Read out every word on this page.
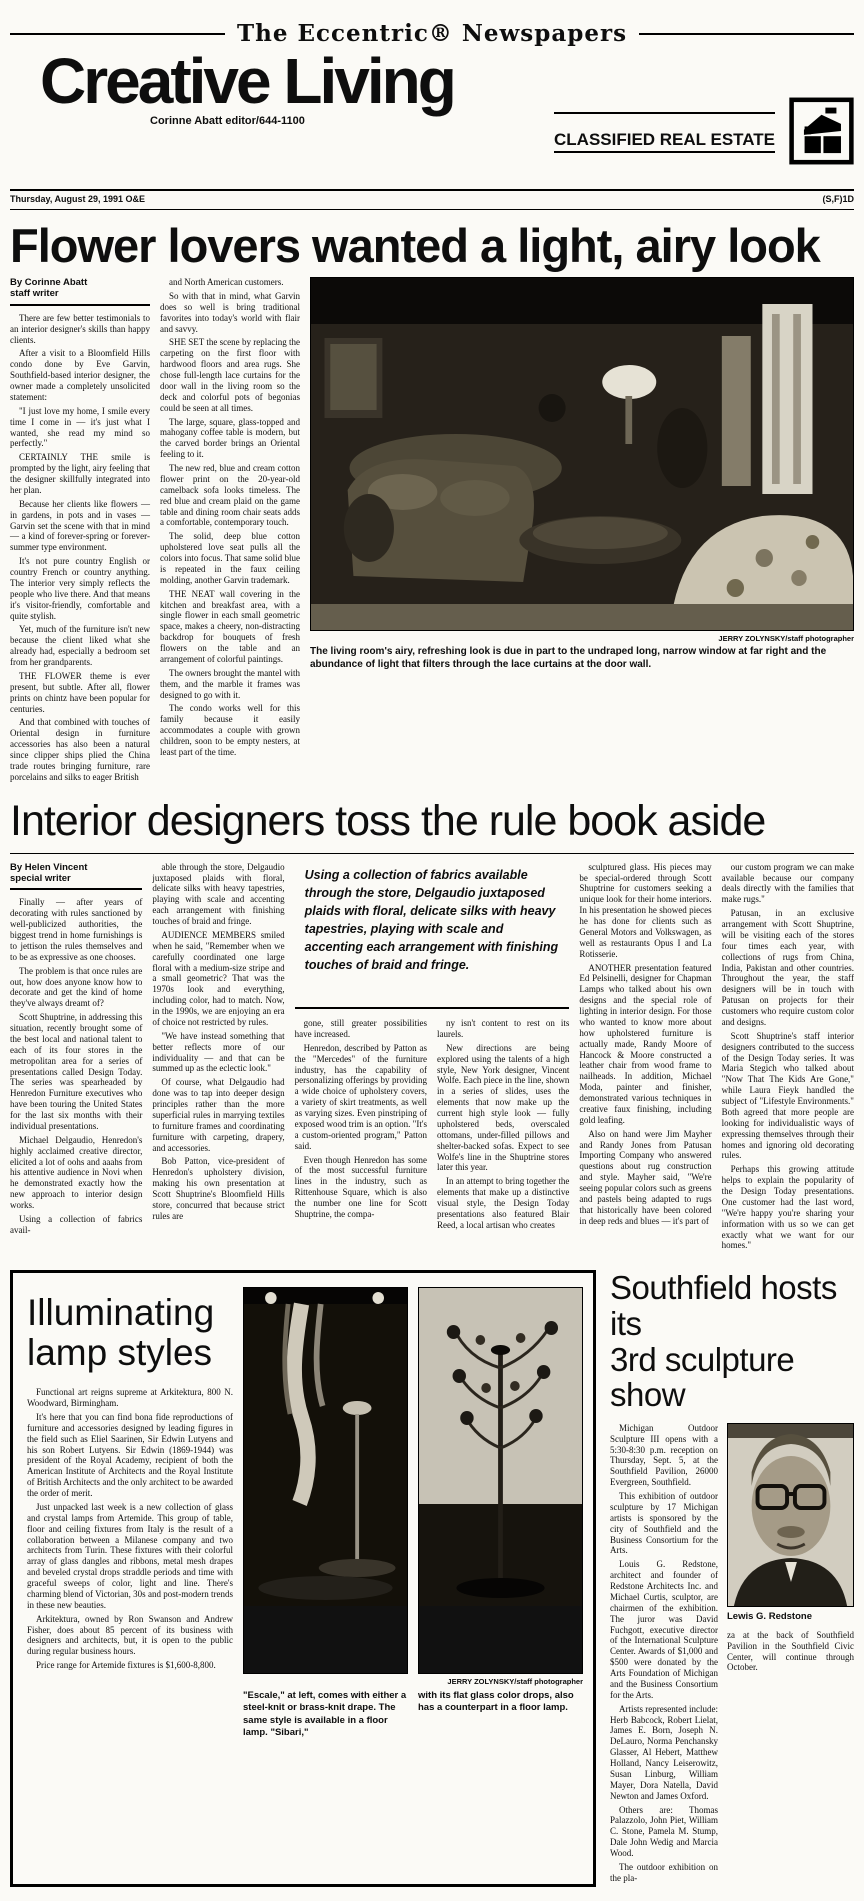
The Eccentric® Newspapers
Creative Living
Corinne Abatt editor/644-1100
CLASSIFIED REAL ESTATE
Thursday, August 29, 1991 O&E	(S,F)1D
Flower lovers wanted a light, airy look
By Corinne Abatt
staff writer

There are few better testimonials to an interior designer's skills than happy clients.

After a visit to a Bloomfield Hills condo done by Eve Garvin, Southfield-based interior designer, the owner made a completely unsolicited statement:

"I just love my home, I smile every time I come in — it's just what I wanted, she read my mind so perfectly."

CERTAINLY THE smile is prompted by the light, airy feeling that the designer skillfully integrated into her plan.

Because her clients like flowers — in gardens, in pots and in vases — Garvin set the scene with that in mind — a kind of forever-spring or forever-summer type environment.

It's not pure country English or country French or country anything. The interior very simply reflects the people who live there. And that means it's visitor-friendly, comfortable and quite stylish.

Yet, much of the furniture isn't new because the client liked what she already had, especially a bedroom set from her grandparents.

THE FLOWER theme is ever present, but subtle. After all, flower prints on chintz have been popular for centuries.

And that combined with touches of Oriental design in furniture accessories has also been a natural since clipper ships plied the China trade routes bringing furniture, rare porcelains and silks to eager British

and North American customers.

So with that in mind, what Garvin does so well is bring traditional favorites into today's world with flair and savvy.

SHE SET the scene by replacing the carpeting on the first floor with hardwood floors and area rugs. She chose full-length lace curtains for the door wall in the living room so the deck and colorful pots of begonias could be seen at all times.

The large, square, glass-topped and mahogany coffee table is modern, but the carved border brings an Oriental feeling to it.

The new red, blue and cream cotton flower print on the 20-year-old camelback sofa looks timeless. The red blue and cream plaid on the game table and dining room chair seats adds a comfortable, contemporary touch.

The solid, deep blue cotton upholstered love seat pulls all the colors into focus. That same solid blue is repeated in the faux ceiling molding, another Garvin trademark.

THE NEAT wall covering in the kitchen and breakfast area, with a single flower in each small geometric space, makes a cheery, non-distracting backdrop for bouquets of fresh flowers on the table and an arrangement of colorful paintings.

The owners brought the mantel with them, and the marble it frames was designed to go with it.

The condo works well for this family because it easily accommodates a couple with grown children, soon to be empty nesters, at least part of the time.

JERRY ZOLYNSKY/staff photographer
The living room's airy, refreshing look is due in part to the undraped long, narrow window at far right and the abundance of light that filters through the lace curtains at the door wall.
Interior designers toss the rule book aside
By Helen Vincent
special writer

Finally — after years of decorating with rules sanctioned by well-publicized authorities, the biggest trend in home furnishings is to jettison the rules themselves and to be as expressive as one chooses.

The problem is that once rules are out, how does anyone know how to decorate and get the kind of home they've always dreamt of?

Scott Shuptrine, in addressing this situation, recently brought some of the best local and national talent to each of its four stores in the metropolitan area for a series of presentations called Design Today. The series was spearheaded by Henredon Furniture executives who have been touring the United States for the last six months with their individual presentations.

Michael Delgaudio, Henredon's highly acclaimed creative director, elicited a lot of oohs and aaahs from his attentive audience in Novi when he demonstrated exactly how the new approach to interior design works.

Using a collection of fabrics avail-

able through the store, Delgaudio juxtaposed plaids with floral, delicate silks with heavy tapestries, playing with scale and accenting each arrangement with finishing touches of braid and fringe.

AUDIENCE MEMBERS smiled when he said, "Remember when we carefully coordinated one large floral with a medium-size stripe and a small geometric? That was the 1970s look and everything, including color, had to match. Now, in the 1990s, we are enjoying an era of choice not restricted by rules.

"We have instead something that better reflects more of our individuality — and that can be summed up as the eclectic look."

Of course, what Delgaudio had done was to tap into deeper design principles rather than the more superficial rules in marrying textiles to furniture frames and coordinating furniture with carpeting, drapery, and accessories.

Bob Patton, vice-president of Henredon's upholstery division, making his own presentation at Scott Shuptrine's Bloomfield Hills store, concurred that because strict rules are

Using a collection of fabrics available through the store, Delgaudio juxtaposed plaids with floral, delicate silks with heavy tapestries, playing with scale and accenting each arrangement with finishing touches of braid and fringe.

gone, still greater possibilities have increased.

Henredon, described by Patton as the "Mercedes" of the furniture industry, has the capability of personalizing offerings by providing a wide choice of upholstery covers, a variety of skirt treatments, as well as varying sizes. Even pinstriping of exposed wood trim is an option. "It's a custom-oriented program," Patton said.

Even though Henredon has some of the most successful furniture lines in the industry, such as Rittenhouse Square, which is also the number one line for Scott Shuptrine, the compa-

ny isn't content to rest on its laurels.

New directions are being explored using the talents of a high style, New York designer, Vincent Wolfe. Each piece in the line, shown in a series of slides, uses the elements that now make up the current high style look — fully upholstered beds, overscaled ottomans, under-filled pillows and shelter-backed sofas. Expect to see Wolfe's line in the Shuptrine stores later this year.

In an attempt to bring together the elements that make up a distinctive visual style, the Design Today presentations also featured Blair Reed, a local artisan who creates

sculptured glass. His pieces may be special-ordered through Scott Shuptrine for customers seeking a unique look for their home interiors. In his presentation he showed pieces he has done for clients such as General Motors and Volkswagen, as well as restaurants Opus I and La Rotisserie.

ANOTHER presentation featured Ed Pelsinelli, designer for Chapman Lamps who talked about his own designs and the special role of lighting in interior design. For those who wanted to know more about how upholstered furniture is actually made, Randy Moore of Hancock & Moore constructed a leather chair from wood frame to nailheads. In addition, Michael Moda, painter and finisher, demonstrated various techniques in creative faux finishing, including gold leafing.

Also on hand were Jim Mayher and Randy Jones from Patusan Importing Company who answered questions about rug construction and style. Mayher said, "We're seeing popular colors such as greens and pastels being adapted to rugs that historically have been colored in deep reds and blues — it's part of

our custom program we can make available because our company deals directly with the families that make rugs."

Patusan, in an exclusive arrangement with Scott Shuptrine, will be visiting each of the stores four times each year, with collections of rugs from China, India, Pakistan and other countries. Throughout the year, the staff designers will be in touch with Patusan on projects for their customers who require custom color and designs.

Scott Shuptrine's staff interior designers contributed to the success of the Design Today series. It was Maria Stegich who talked about "Now That The Kids Are Gone," while Laura Fieyk handled the subject of "Lifestyle Environments." Both agreed that more people are looking for individualistic ways of expressing themselves through their homes and ignoring old decorating rules.

Perhaps this growing attitude helps to explain the popularity of the Design Today presentations. One customer had the last word, "We're happy you're sharing your information with us so we can get exactly what we want for our homes."

Illuminating
lamp styles

Functional art reigns supreme at Arkitektura, 800 N. Woodward, Birmingham.

It's here that you can find bona fide reproductions of furniture and accessories designed by leading figures in the field such as Eliel Saarinen, Sir Edwin Lutyens and his son Robert Lutyens. Sir Edwin (1869-1944) was president of the Royal Academy, recipient of both the American Institute of Architects and the Royal Institute of British Architects and the only architect to be awarded the order of merit.

Just unpacked last week is a new collection of glass and crystal lamps from Artemide. This group of table, floor and ceiling fixtures from Italy is the result of a collaboration between a Milanese company and two architects from Turin. These fixtures with their colorful array of glass dangles and ribbons, metal mesh drapes and beveled crystal drops straddle periods and time with graceful sweeps of color, light and line. There's charming blend of Victorian, 30s and post-modern trends in these new beauties.

Arkitektura, owned by Ron Swanson and Andrew Fisher, does about 85 percent of its business with designers and architects, but, it is open to the public during regular business hours.

Price range for Artemide fixtures is $1,600-8,800.

JERRY ZOLYNSKY/staff photographer
"Escale," at left, comes with either a steel-knit or brass-knit drape. The same style is available in a floor lamp. "Sibari,"
with its flat glass color drops, also has a counterpart in a floor lamp.
Southfield hosts its
3rd sculpture show

Michigan Outdoor Sculpture III opens with a 5:30-8:30 p.m. reception on Thursday, Sept. 5, at the Southfield Pavilion, 26000 Evergreen, Southfield.

This exhibition of outdoor sculpture by 17 Michigan artists is sponsored by the city of Southfield and the Business Consortium for the Arts.

Louis G. Redstone, architect and founder of Redstone Architects Inc. and Michael Curtis, sculptor, are chairmen of the exhibition. The juror was David Fuchgott, executive director of the International Sculpture Center. Awards of $1,000 and $500 were donated by the Arts Foundation of Michigan and the Business Consortium for the Arts.

Artists represented include: Herb Babcock, Robert Lielat, James E. Born, Joseph N. DeLauro, Norma Penchansky Glasser, Al Hebert, Matthew Holland, Nancy Leiserowitz, Susan Linburg, William Mayer, Dora Natella, David Newton and James Oxford.

Others are: Thomas Palazzolo, John Piet, William C. Stone, Pamela M. Stump, Dale John Wedig and Marcia Wood.

The outdoor exhibition on the pla-

Lewis G. Redstone

za at the back of Southfield Pavilion in the Southfield Civic Center, will continue through October.
